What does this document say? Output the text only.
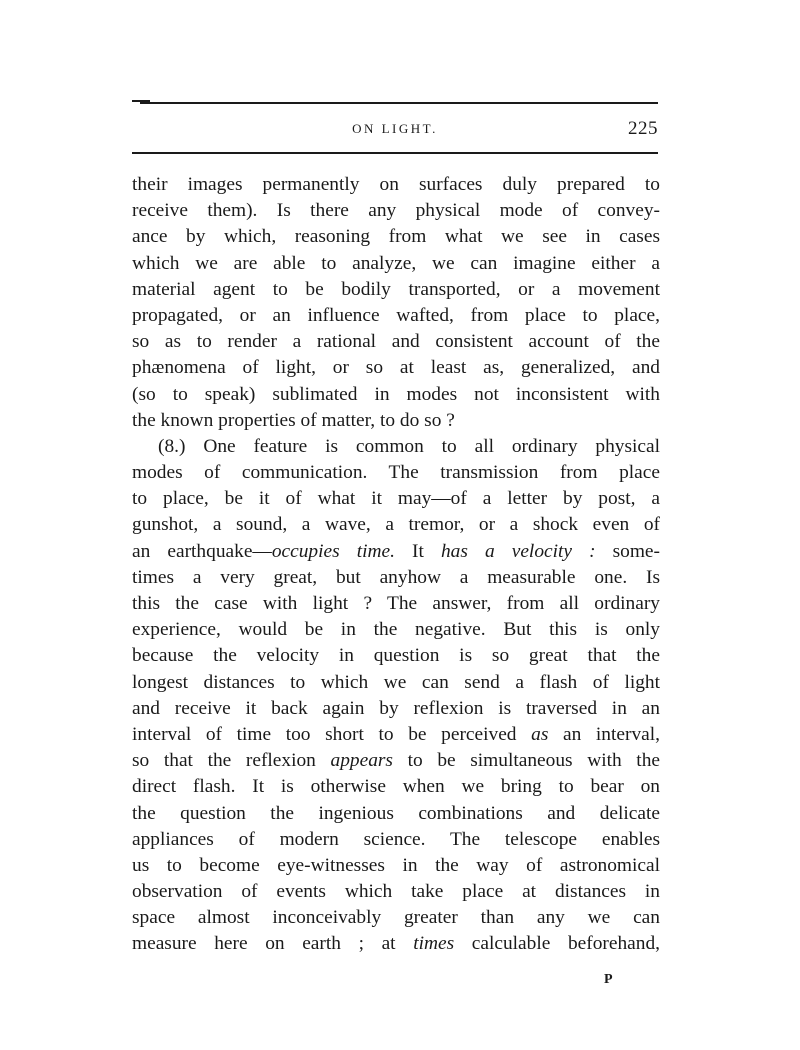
ON LIGHT.	225
their images permanently on surfaces duly prepared to
receive them). Is there any physical mode of convey-
ance by which, reasoning from what we see in cases
which we are able to analyze, we can imagine either a
material agent to be bodily transported, or a movement
propagated, or an influence wafted, from place to place,
so as to render a rational and consistent account of the
phænomena of light, or so at least as, generalized, and
(so to speak) sublimated in modes not inconsistent with
the known properties of matter, to do so ?
(8.) One feature is common to all ordinary physical
modes of communication. The transmission from place
to place, be it of what it may—of a letter by post, a
gunshot, a sound, a wave, a tremor, or a shock even of
an earthquake—occupies time. It has a velocity : some-
times a very great, but anyhow a measurable one. Is
this the case with light ? The answer, from all ordinary
experience, would be in the negative. But this is only
because the velocity in question is so great that the
longest distances to which we can send a flash of light
and receive it back again by reflexion is traversed in an
interval of time too short to be perceived as an interval,
so that the reflexion appears to be simultaneous with the
direct flash. It is otherwise when we bring to bear on
the question the ingenious combinations and delicate
appliances of modern science. The telescope enables
us to become eye-witnesses in the way of astronomical
observation of events which take place at distances in
space almost inconceivably greater than any we can
measure here on earth ; at times calculable beforehand,
P
